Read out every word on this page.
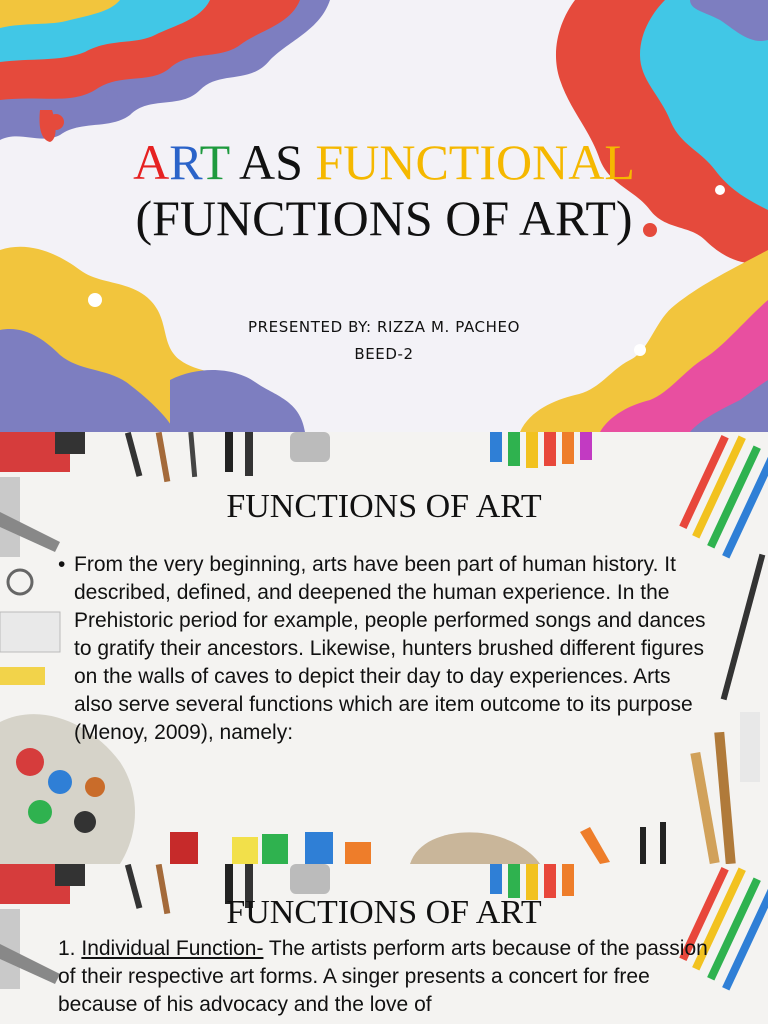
ART AS FUNCTIONAL
(FUNCTIONS OF ART)
PRESENTED BY: RIZZA M. PACHEO
BEED-2
FUNCTIONS OF ART
• From the very beginning, arts have been part of human history. It described, defined, and deepened the human experience. In the Prehistoric period for example, people performed songs and dances to gratify their ancestors. Likewise, hunters brushed different figures on the walls of caves to depict their day to day experiences. Arts also serve several functions which are item outcome to its purpose (Menoy, 2009), namely:
FUNCTIONS OF ART
1. Individual Function- The artists perform arts because of the passion of their respective art forms. A singer presents a concert for free because of his advocacy and the love of
